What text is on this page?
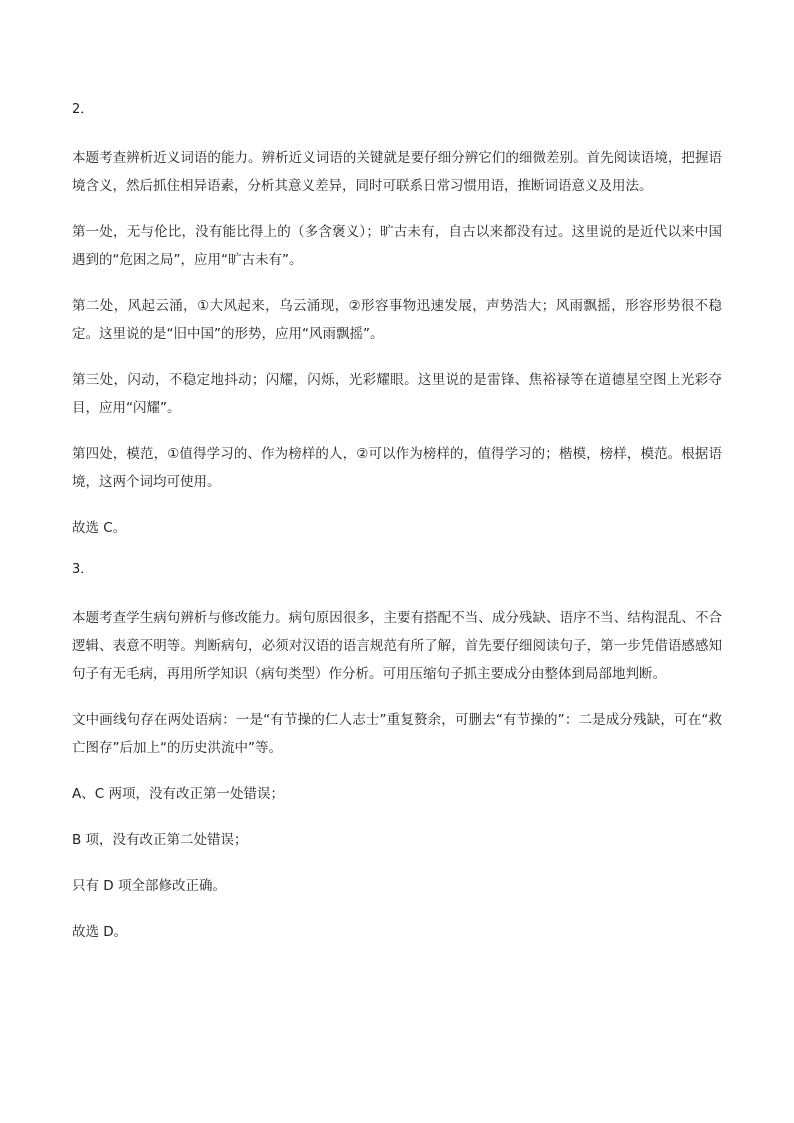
2．

本题考查辨析近义词语的能力。辨析近义词语的关键就是要仔细分辨它们的细微差别。首先阅读语境，把握语境含义，然后抓住相异语素，分析其意义差异，同时可联系日常习惯用语，推断词语意义及用法。

第一处，无与伦比，没有能比得上的（多含褒义）；旷古未有，自古以来都没有过。这里说的是近代以来中国遇到的“危困之局”，应用“旷古未有”。

第二处，风起云涌，①大风起来，乌云涌现，②形容事物迅速发展，声势浩大；风雨飘摇，形容形势很不稳定。这里说的是“旧中国”的形势，应用“风雨飘摇”。

第三处，闪动，不稳定地抖动；闪耀，闪烁，光彩耀眼。这里说的是雷锋、焦裕禄等在道德星空图上光彩夺目，应用“闪耀”。

第四处，模范，①值得学习的、作为榜样的人，②可以作为榜样的，值得学习的；楷模，榜样，模范。根据语境，这两个词均可使用。

故选 C。

3．

本题考查学生病句辨析与修改能力。病句原因很多，主要有搭配不当、成分残缺、语序不当、结构混乱、不合逻辑、表意不明等。判断病句，必须对汉语的语言规范有所了解，首先要仔细阅读句子，第一步凭借语感感知句子有无毛病，再用所学知识（病句类型）作分析。可用压缩句子抓主要成分由整体到局部地判断。

文中画线句存在两处语病：一是“有节操的仁人志士”重复赘余，可删去“有节操的”：二是成分残缺，可在“救亡图存”后加上“的历史洪流中”等。

A、C 两项，没有改正第一处错误；

B 项，没有改正第二处错误；

只有 D 项全部修改正确。

故选 D。
